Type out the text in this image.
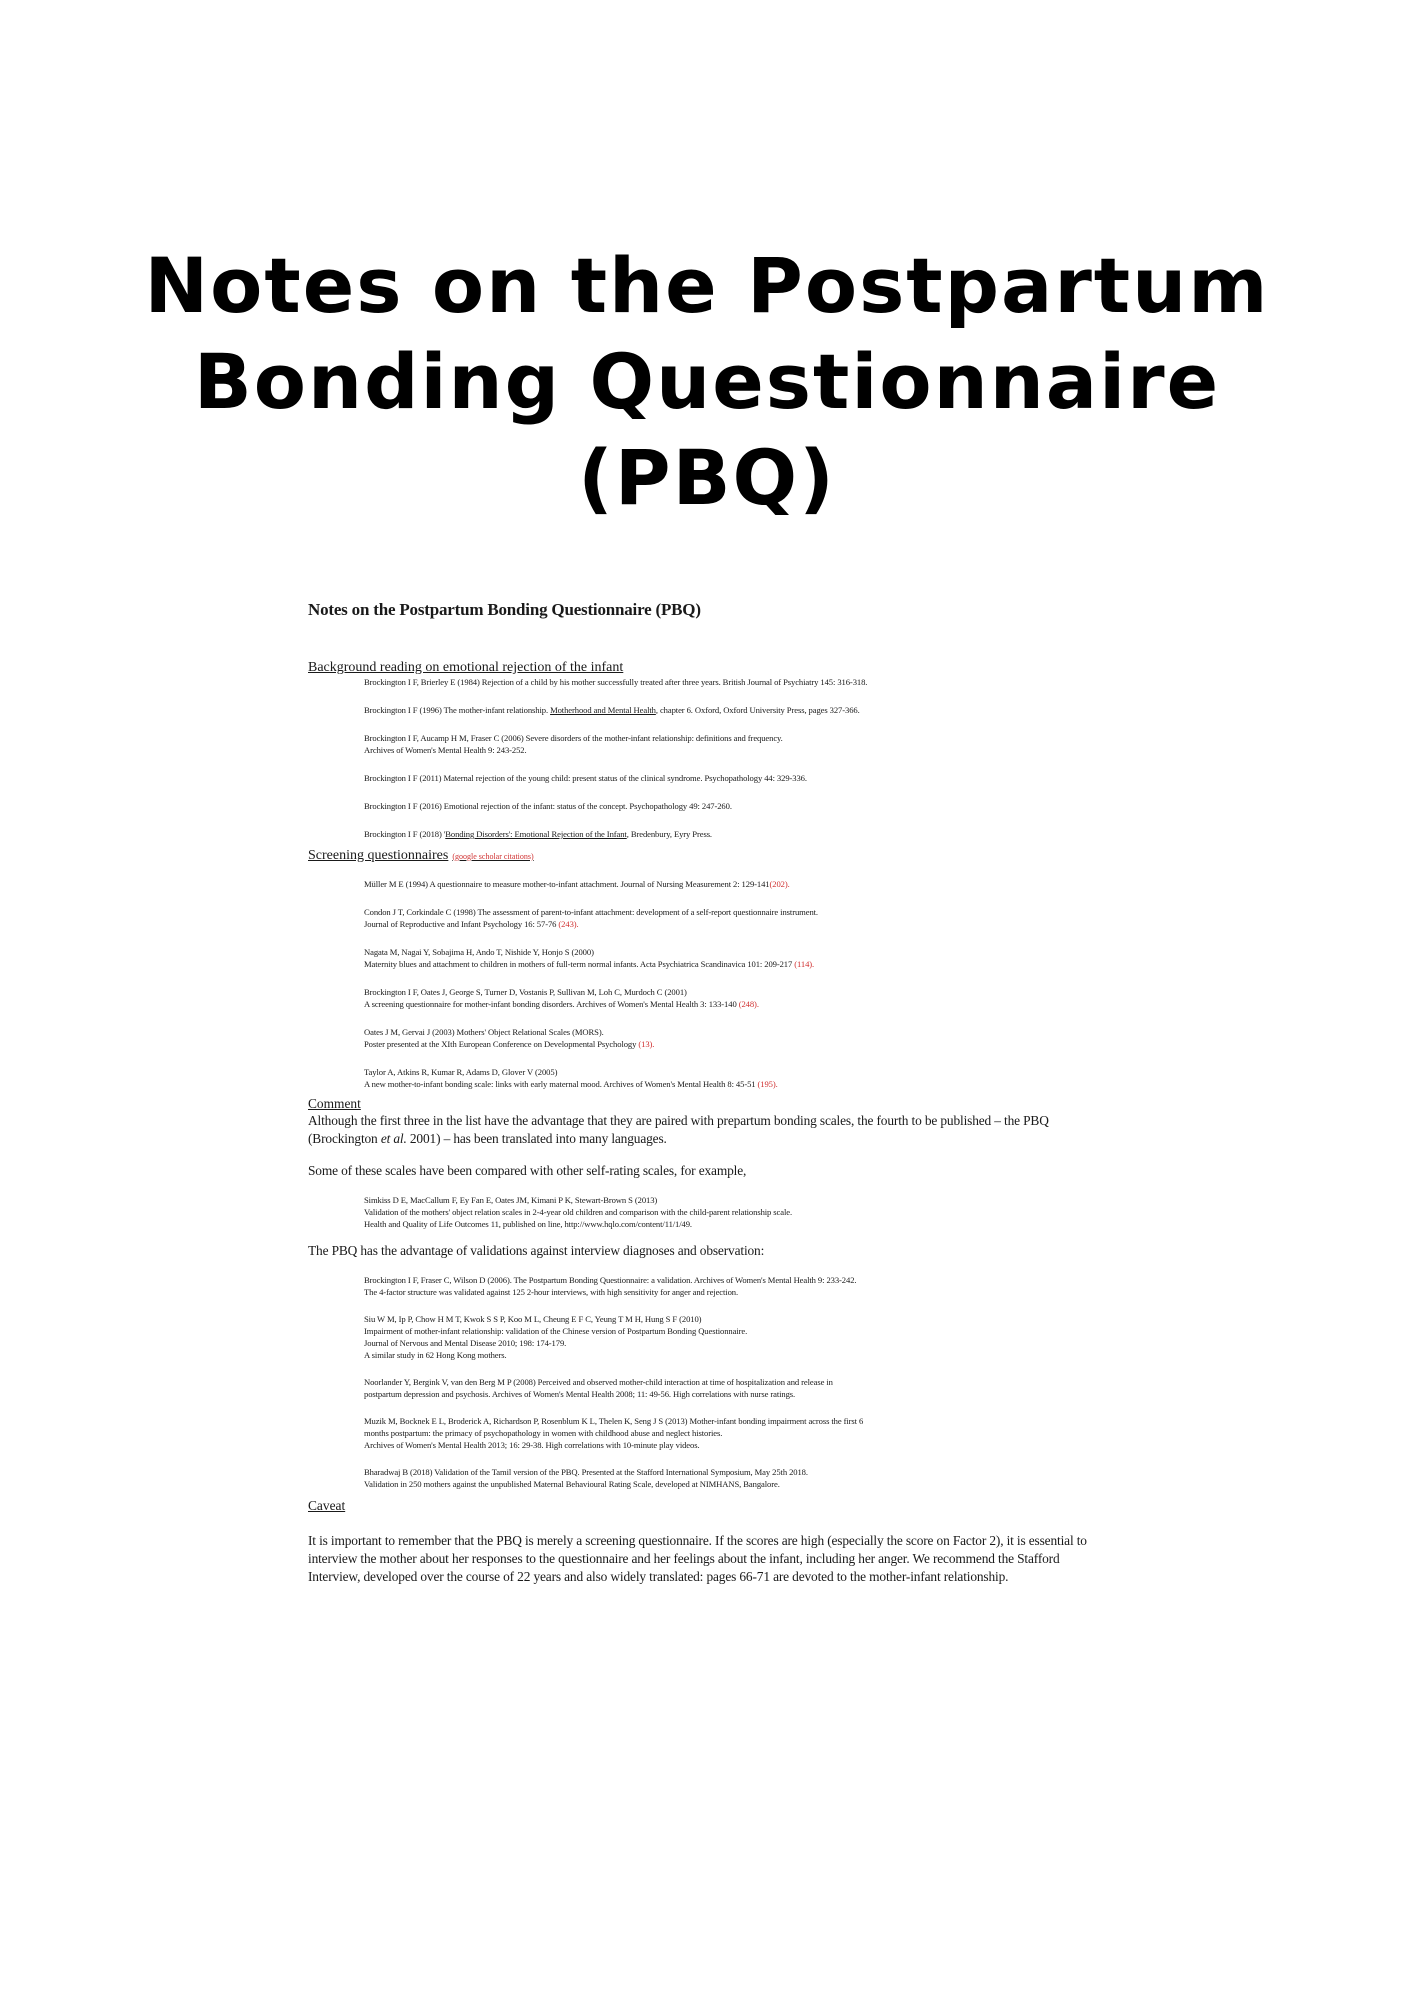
Notes on the Postpartum
Bonding Questionnaire
(PBQ)
Notes on the Postpartum Bonding Questionnaire (PBQ)
Background reading on emotional rejection of the infant
Brockington I F, Brierley E (1984) Rejection of a child by his mother successfully treated after three years. British Journal of Psychiatry 145: 316-318.
Brockington I F (1996) The mother-infant relationship. Motherhood and Mental Health, chapter 6. Oxford, Oxford University Press, pages 327-366.
Brockington I F, Aucamp H M, Fraser C (2006) Severe disorders of the mother-infant relationship: definitions and frequency.
Archives of Women's Mental Health 9: 243-252.
Brockington I F (2011) Maternal rejection of the young child: present status of the clinical syndrome. Psychopathology 44: 329-336.
Brockington I F (2016) Emotional rejection of the infant: status of the concept. Psychopathology 49: 247-260.
Brockington I F (2018) 'Bonding Disorders': Emotional Rejection of the Infant, Bredenbury, Eyry Press.
Screening questionnaires (google scholar citations)
Müller M E (1994) A questionnaire to measure mother-to-infant attachment. Journal of Nursing Measurement 2: 129-141(202).
Condon J T, Corkindale C (1998) The assessment of parent-to-infant attachment: development of a self-report questionnaire instrument.
Journal of Reproductive and Infant Psychology 16: 57-76 (243).
Nagata M, Nagai Y, Sobajima H, Ando T, Nishide Y, Honjo S (2000)
Maternity blues and attachment to children in mothers of full-term normal infants. Acta Psychiatrica Scandinavica 101: 209-217 (114).
Brockington I F, Oates J, George S, Turner D, Vostanis P, Sullivan M, Loh C, Murdoch C (2001)
A screening questionnaire for mother-infant bonding disorders. Archives of Women's Mental Health 3: 133-140 (248).
Oates J M, Gervai J (2003) Mothers' Object Relational Scales (MORS).
Poster presented at the XIth European Conference on Developmental Psychology (13).
Taylor A, Atkins R, Kumar R, Adams D, Glover V (2005)
A new mother-to-infant bonding scale: links with early maternal mood. Archives of Women's Mental Health 8: 45-51 (195).
Comment

Although the first three in the list have the advantage that they are paired with prepartum bonding scales, the fourth to be published – the PBQ (Brockington et al. 2001) – has been translated into many languages.

Some of these scales have been compared with other self-rating scales, for example,

Simkiss D E, MacCallum F, Ey Fan E, Oates JM, Kimani P K, Stewart-Brown S (2013)
Validation of the mothers' object relation scales in 2-4-year old children and comparison with the child-parent relationship scale.
Health and Quality of Life Outcomes 11, published on line, http://www.hqlo.com/content/11/1/49.

The PBQ has the advantage of validations against interview diagnoses and observation:

Brockington I F, Fraser C, Wilson D (2006). The Postpartum Bonding Questionnaire: a validation. Archives of Women's Mental Health 9: 233-242.
The 4-factor structure was validated against 125 2-hour interviews, with high sensitivity for anger and rejection.
Siu W M, Ip P, Chow H M T, Kwok S S P, Koo M L, Cheung E F C, Yeung T M H, Hung S F (2010)
Impairment of mother-infant relationship: validation of the Chinese version of Postpartum Bonding Questionnaire.
Journal of Nervous and Mental Disease 2010; 198: 174-179.
A similar study in 62 Hong Kong mothers.
Noorlander Y, Bergink V, van den Berg M P (2008) Perceived and observed mother-child interaction at time of hospitalization and release in
postpartum depression and psychosis. Archives of Women's Mental Health 2008; 11: 49-56. High correlations with nurse ratings.
Muzik M, Bocknek E L, Broderick A, Richardson P, Rosenblum K L, Thelen K, Seng J S (2013) Mother-infant bonding impairment across the first 6
months postpartum: the primacy of psychopathology in women with childhood abuse and neglect histories.
Archives of Women's Mental Health 2013; 16: 29-38. High correlations with 10-minute play videos.
Bharadwaj B (2018) Validation of the Tamil version of the PBQ. Presented at the Stafford International Symposium, May 25th 2018.
Validation in 250 mothers against the unpublished Maternal Behavioural Rating Scale, developed at NIMHANS, Bangalore.
Caveat

It is important to remember that the PBQ is merely a screening questionnaire. If the scores are high (especially the score on Factor 2), it is essential to interview the mother about her responses to the questionnaire and her feelings about the infant, including her anger. We recommend the Stafford Interview, developed over the course of 22 years and also widely translated: pages 66-71 are devoted to the mother-infant relationship.
